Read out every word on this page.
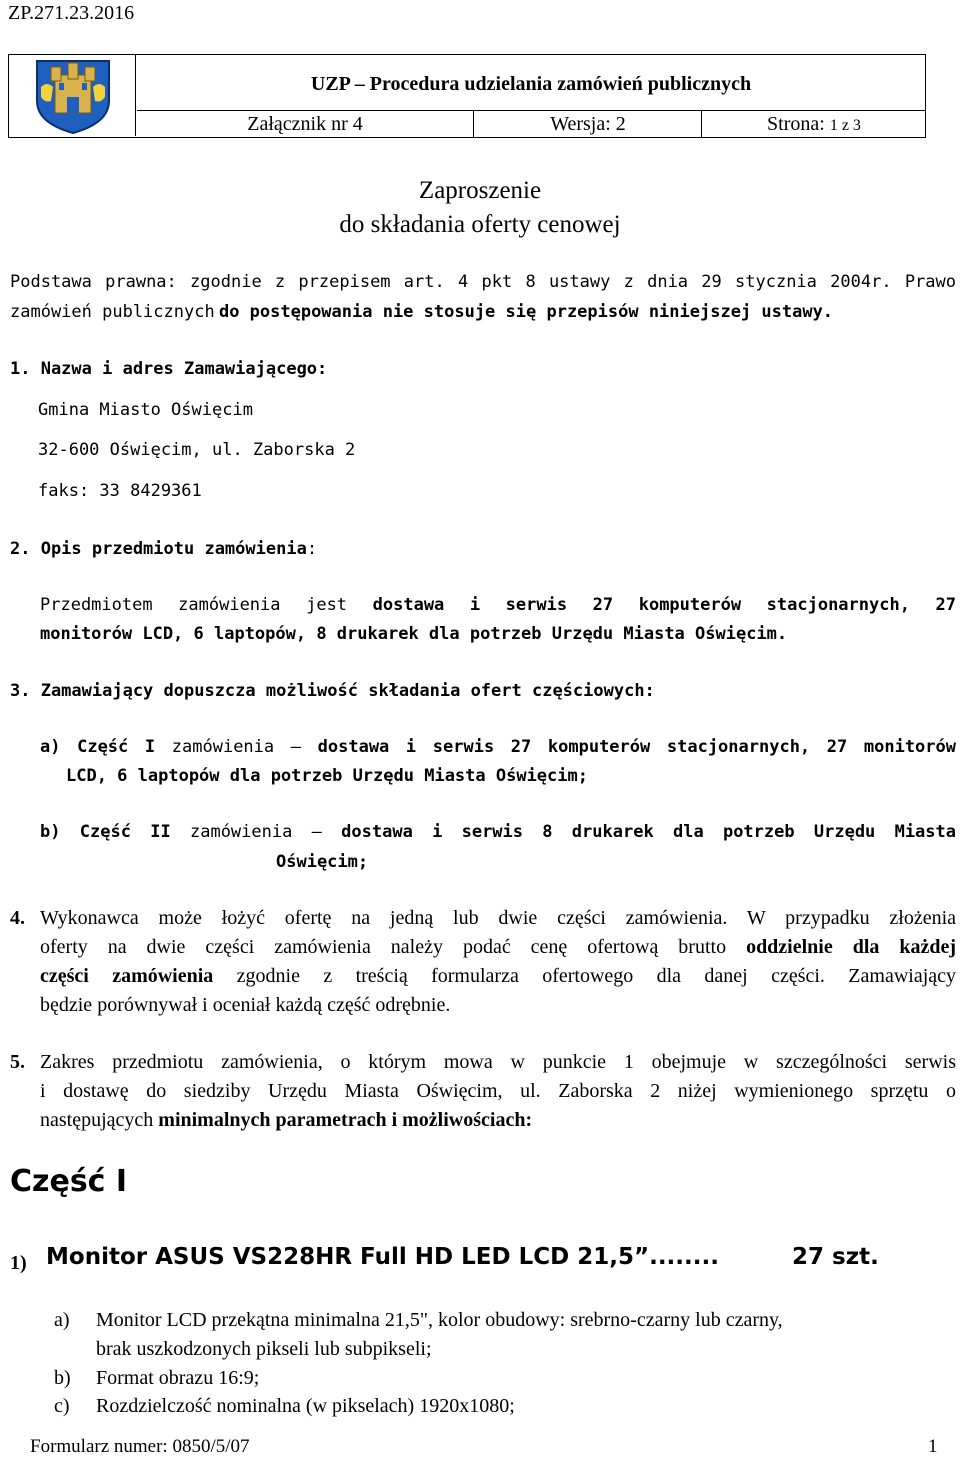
ZP.271.23.2016
UZP – Procedura udzielania zamówień publicznych
Załącznik nr 4	Wersja: 2	Strona: 1 z 3
Zaproszenie
do składania oferty cenowej
Podstawa prawna: zgodnie z przepisem art. 4 pkt 8 ustawy z dnia 29 stycznia 2004r. Prawo
zamówień publicznych do postępowania nie stosuje się przepisów niniejszej ustawy.
1. Nazwa i adres Zamawiającego:
Gmina Miasto Oświęcim
32-600 Oświęcim, ul. Zaborska 2
faks: 33 8429361
2. Opis przedmiotu zamówienia:
Przedmiotem zamówienia jest dostawa i serwis 27 komputerów stacjonarnych, 27
monitorów LCD, 6 laptopów, 8 drukarek dla potrzeb Urzędu Miasta Oświęcim.
3. Zamawiający dopuszcza możliwość składania ofert częściowych:
a) Część I zamówienia – dostawa i serwis 27 komputerów stacjonarnych, 27 monitorów
LCD, 6 laptopów dla potrzeb Urzędu Miasta Oświęcim;
b) Część II zamówienia – dostawa i serwis 8 drukarek dla potrzeb Urzędu Miasta
Oświęcim;
4. Wykonawca może łożyć ofertę na jedną lub dwie części zamówienia. W przypadku złożenia
oferty na dwie części zamówienia należy podać cenę ofertową brutto oddzielnie dla każdej
części zamówienia zgodnie z treścią formularza ofertowego dla danej części. Zamawiający
będzie porównywał i oceniał każdą część odrębnie.
5. Zakres przedmiotu zamówienia, o którym mowa w punkcie 1 obejmuje w szczególności serwis
i dostawę do siedziby Urzędu Miasta Oświęcim, ul. Zaborska 2 niżej wymienionego sprzętu o
następujących minimalnych parametrach i możliwościach:
Część I
1) Monitor ASUS VS228HR Full HD LED LCD 21,5”........	27 szt.
a) Monitor LCD przekątna minimalna 21,5", kolor obudowy: srebrno-czarny lub czarny,
brak uszkodzonych pikseli lub subpikseli;
b) Format obrazu 16:9;
c) Rozdzielczość nominalna (w pikselach) 1920x1080;
Formularz numer: 0850/5/07	1
